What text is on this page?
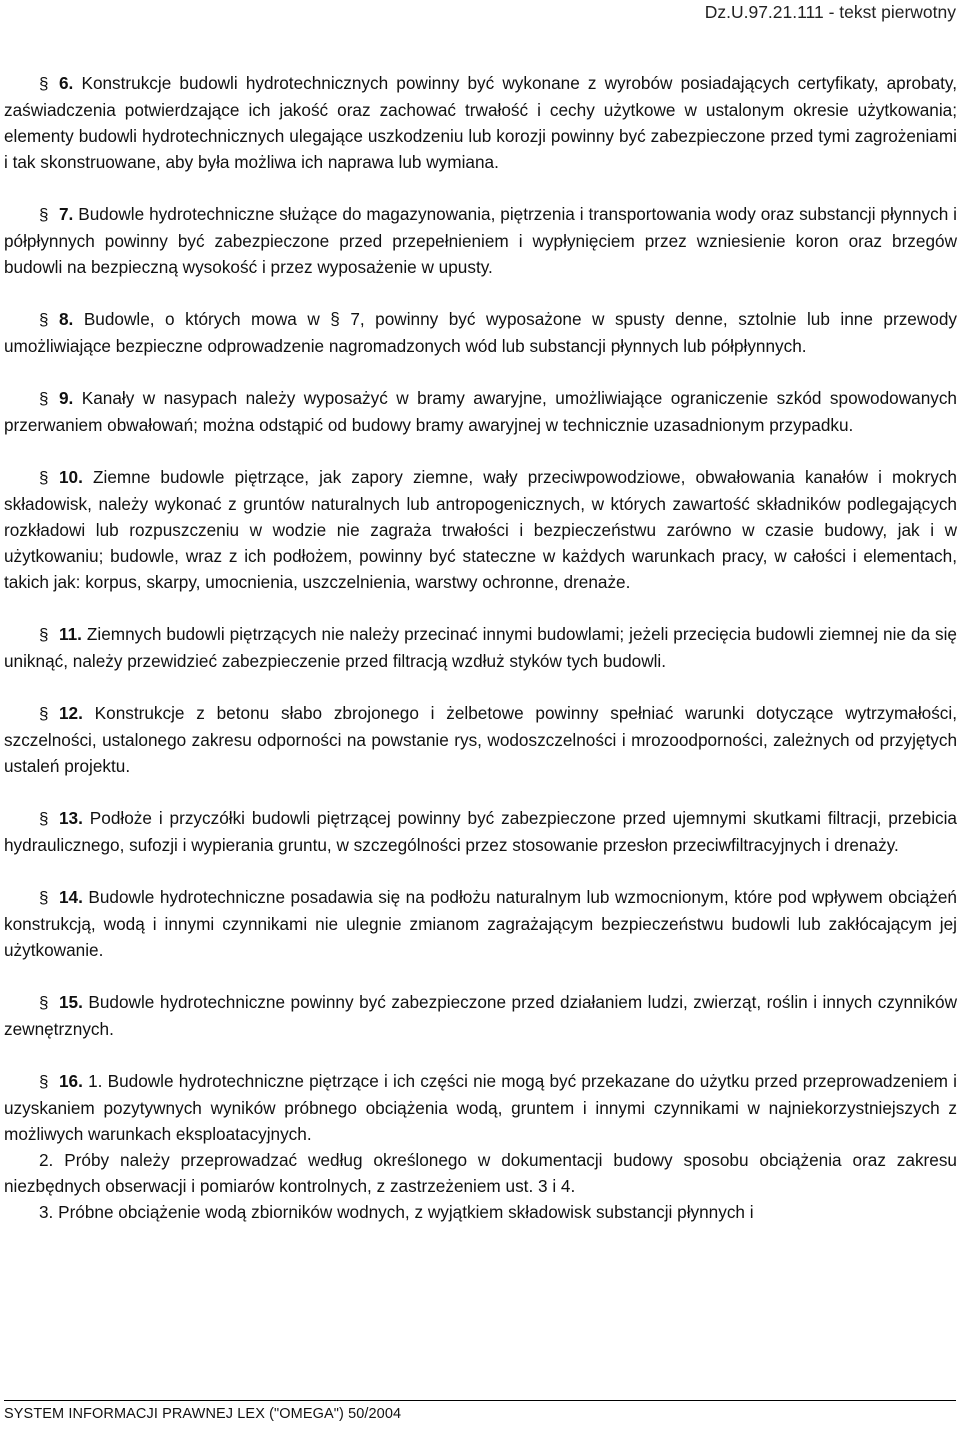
Dz.U.97.21.111 - tekst pierwotny

§ 6. Konstrukcje budowli hydrotechnicznych powinny być wykonane z wyrobów posiadających certyfikaty, aprobaty, zaświadczenia potwierdzające ich jakość oraz zachować trwałość i cechy użytkowe w ustalonym okresie użytkowania; elementy budowli hydrotechnicznych ulegające uszkodzeniu lub korozji powinny być zabezpieczone przed tymi zagrożeniami i tak skonstruowane, aby była możliwa ich naprawa lub wymiana.

§ 7. Budowle hydrotechniczne służące do magazynowania, piętrzenia i transportowania wody oraz substancji płynnych i półpłynnych powinny być zabezpieczone przed przepełnieniem i wypłynięciem przez wzniesienie koron oraz brzegów budowli na bezpieczną wysokość i przez wyposażenie w upusty.

§ 8. Budowle, o których mowa w § 7, powinny być wyposażone w spusty denne, sztolnie lub inne przewody umożliwiające bezpieczne odprowadzenie nagromadzonych wód lub substancji płynnych lub półpłynnych.

§ 9. Kanały w nasypach należy wyposażyć w bramy awaryjne, umożliwiające ograniczenie szkód spowodowanych przerwaniem obwałowań; można odstąpić od budowy bramy awaryjnej w technicznie uzasadnionym przypadku.

§ 10. Ziemne budowle piętrzące, jak zapory ziemne, wały przeciwpowodziowe, obwałowania kanałów i mokrych składowisk, należy wykonać z gruntów naturalnych lub antropogenicznych, w których zawartość składników podlegających rozkładowi lub rozpuszczeniu w wodzie nie zagraża trwałości i bezpieczeństwu zarówno w czasie budowy, jak i w użytkowaniu; budowle, wraz z ich podłożem, powinny być stateczne w każdych warunkach pracy, w całości i elementach, takich jak: korpus, skarpy, umocnienia, uszczelnienia, warstwy ochronne, drenaże.

§ 11. Ziemnych budowli piętrzących nie należy przecinać innymi budowlami; jeżeli przecięcia budowli ziemnej nie da się uniknąć, należy przewidzieć zabezpieczenie przed filtracją wzdłuż styków tych budowli.

§ 12. Konstrukcje z betonu słabo zbrojonego i żelbetowe powinny spełniać warunki dotyczące wytrzymałości, szczelności, ustalonego zakresu odporności na powstanie rys, wodoszczelności i mrozoodporności, zależnych od przyjętych ustaleń projektu.

§ 13. Podłoże i przyczółki budowli piętrzącej powinny być zabezpieczone przed ujemnymi skutkami filtracji, przebicia hydraulicznego, sufozji i wypierania gruntu, w szczególności przez stosowanie przesłon przeciwfiltracyjnych i drenaży.

§ 14. Budowle hydrotechniczne posadawia się na podłożu naturalnym lub wzmocnionym, które pod wpływem obciążeń konstrukcją, wodą i innymi czynnikami nie ulegnie zmianom zagrażającym bezpieczeństwu budowli lub zakłócającym jej użytkowanie.

§ 15. Budowle hydrotechniczne powinny być zabezpieczone przed działaniem ludzi, zwierząt, roślin i innych czynników zewnętrznych.

§ 16. 1. Budowle hydrotechniczne piętrzące i ich części nie mogą być przekazane do użytku przed przeprowadzeniem i uzyskaniem pozytywnych wyników próbnego obciążenia wodą, gruntem i innymi czynnikami w najniekorzystniejszych z możliwych warunkach eksploatacyjnych.

2. Próby należy przeprowadzać według określonego w dokumentacji budowy sposobu obciążenia oraz zakresu niezbędnych obserwacji i pomiarów kontrolnych, z zastrzeżeniem ust. 3 i 4.

3. Próbne obciążenie wodą zbiorników wodnych, z wyjątkiem składowisk substancji płynnych i

SYSTEM INFORMACJI PRAWNEJ LEX ("OMEGA") 50/2004
